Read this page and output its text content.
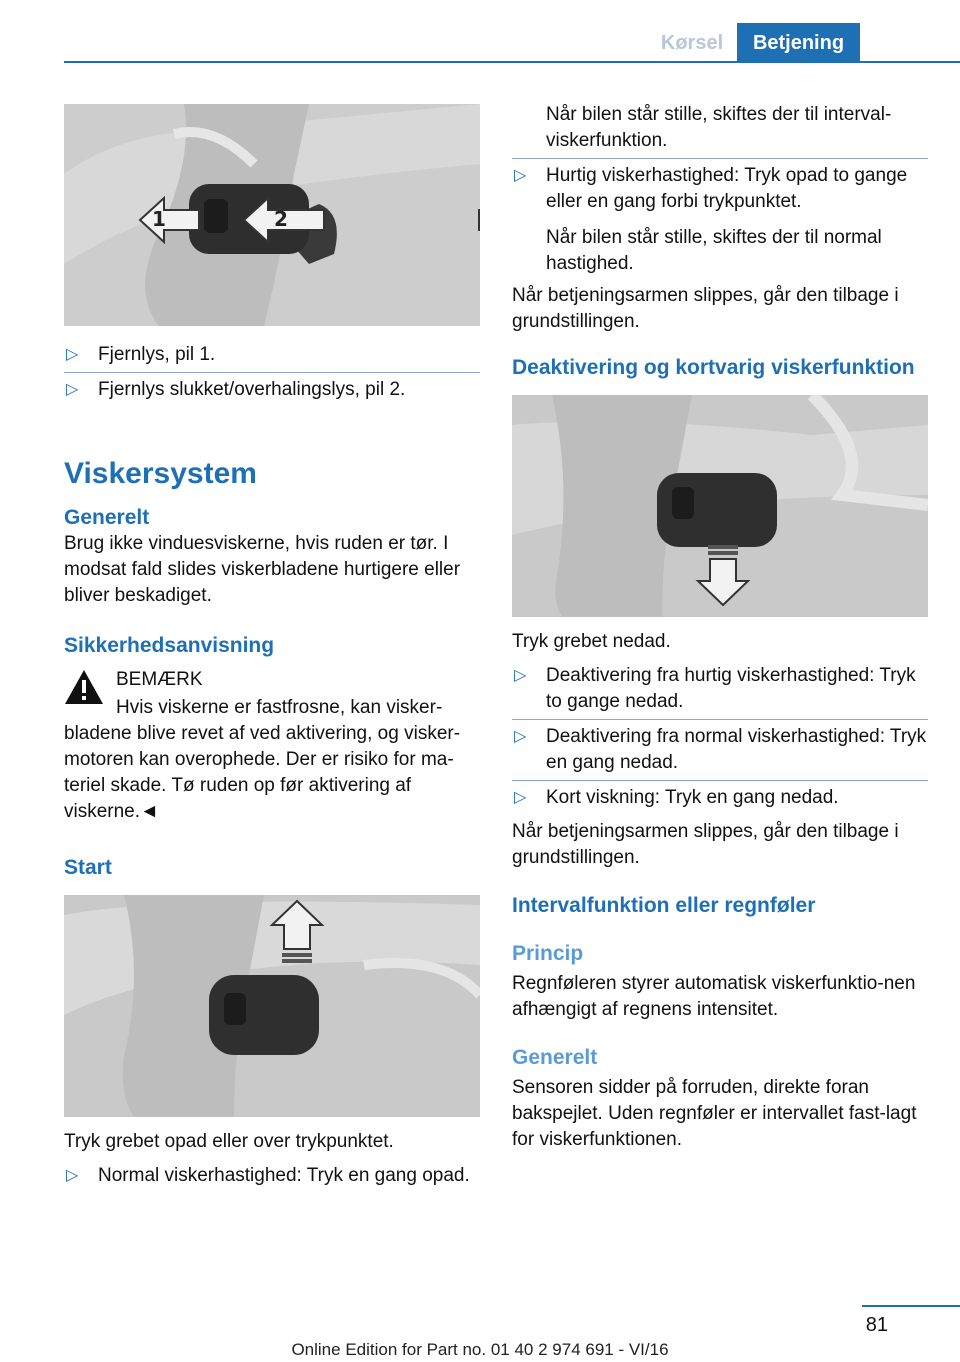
Kørsel	Betjening
1	2
▷ Fjernlys, pil 1.
▷ Fjernlys slukket/overhalingslys, pil 2.
Viskersystem
Generelt

Brug ikke vinduesviskerne, hvis ruden er tør. I modsat fald slides viskerbladene hurtigere eller bliver beskadiget.

Sikkerhedsanvisning

BEMÆRK

Hvis viskerne er fastfrosne, kan visker-

bladene blive revet af ved aktivering, og visker-motoren kan overophede. Der er risiko for ma-teriel skade. Tø ruden op før aktivering af viskerne.◄

Start

Tryk grebet opad eller over trykpunktet.

▷ Normal viskerhastighed: Tryk en gang opad.

Når bilen står stille, skiftes der til interval-viskerfunktion.

▷ Hurtig viskerhastighed: Tryk opad to gange eller en gang forbi trykpunktet.

Når bilen står stille, skiftes der til normal hastighed.

Når betjeningsarmen slippes, går den tilbage i grundstillingen.

Deaktivering og kortvarig viskerfunktion

Tryk grebet nedad.

▷ Deaktivering fra hurtig viskerhastighed: Tryk to gange nedad.
▷ Deaktivering fra normal viskerhastighed: Tryk en gang nedad.
▷ Kort viskning: Tryk en gang nedad.

Når betjeningsarmen slippes, går den tilbage i grundstillingen.

Intervalfunktion eller regnføler
Princip

Regnføleren styrer automatisk viskerfunktio-nen afhængigt af regnens intensitet.

Generelt

Sensoren sidder på forruden, direkte foran bakspejlet. Uden regnføler er intervallet fast-lagt for viskerfunktionen.

81
Online Edition for Part no. 01 40 2 974 691 - VI/16
